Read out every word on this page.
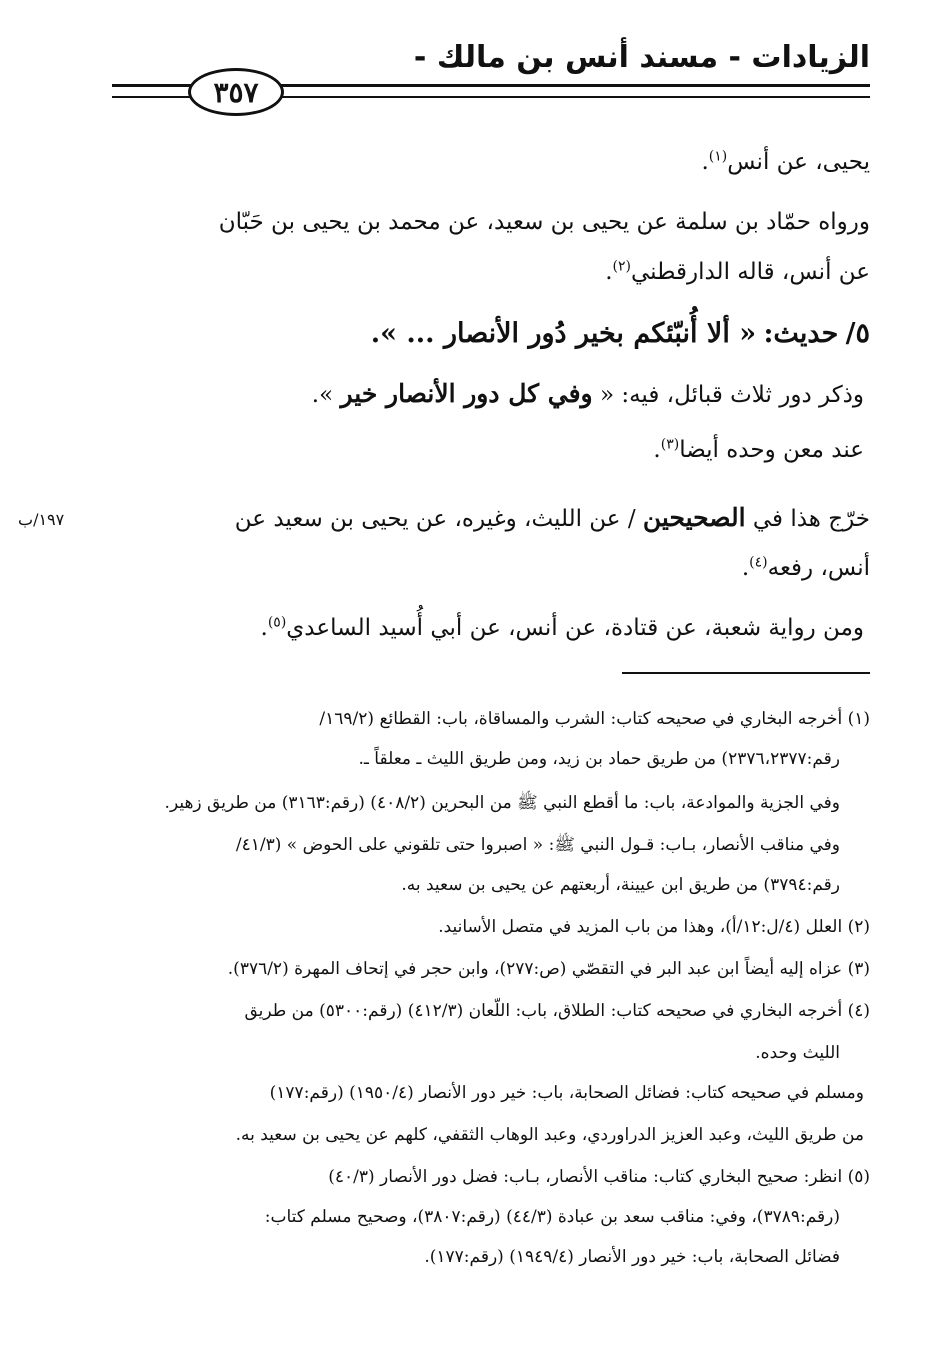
الزيادات - مسند أنس بن مالك -
٣٥٧
يحيى، عن أنس$^{(١)}$.
ورواه حمّاد بن سلمة عن يحيى بن سعيد، عن محمد بن يحيى بن حَبّان
عن أنس، قاله الدارقطني$^{(٢)}$.
٥/ حديث: « ألا أُنبّئكم بخير دُور الأنصار ... ».
وذكر دور ثلاث قبائل، فيه: « وفي كل دور الأنصار خير ».
عند معن وحده أيضا$^{(٣)}$.
خرّج هذا في الصحيحين / عن الليث، وغيره، عن يحيى بن سعيد عن
١٩٧/ب
أنس، رفعه$^{(٤)}$.
ومن رواية شعبة، عن قتادة، عن أنس، عن أبي أُسيد الساعدي$^{(٥)}$.
(١) أخرجه البخاري في صحيحه كتاب: الشرب والمساقاة، باب: القطائع (١٦٩/٢/
رقم:٢٣٧٦،٢٣٧٧) من طريق حماد بن زيد، ومن طريق الليث ـ معلقاً ـ.
وفي الجزية والموادعة، باب: ما أقطع النبي ﷺ من البحرين (٤٠٨/٢) (رقم:٣١٦٣) من طريق زهير.
وفي مناقب الأنصار، بـاب: قـول النبي ﷺ: « اصبروا حتى تلقوني على الحوض » (٤١/٣/
رقم:٣٧٩٤) من طريق ابن عيينة، أربعتهم عن يحيى بن سعيد به.
(٢) العلل (٤/ل:١٢/أ)، وهذا من باب المزيد في متصل الأسانيد.
(٣) عزاه إليه أيضاً ابن عبد البر في التقصّي (ص:٢٧٧)، وابن حجر في إتحاف المهرة (٣٧٦/٢).
(٤) أخرجه البخاري في صحيحه كتاب: الطلاق، باب: اللّعان (٤١٢/٣) (رقم:٥٣٠٠) من طريق
الليث وحده.
ومسلم في صحيحه كتاب: فضائل الصحابة، باب: خير دور الأنصار (١٩٥٠/٤) (رقم:١٧٧)
من طريق الليث، وعبد العزيز الدراوردي، وعبد الوهاب الثقفي، كلهم عن يحيى بن سعيد به.
(٥) انظر: صحيح البخاري كتاب: مناقب الأنصار، بـاب: فضل دور الأنصار (٤٠/٣)
(رقم:٣٧٨٩)، وفي: مناقب سعد بن عبادة (٤٤/٣) (رقم:٣٨٠٧)، وصحيح مسلم كتاب:
فضائل الصحابة، باب: خير دور الأنصار (١٩٤٩/٤) (رقم:١٧٧).
